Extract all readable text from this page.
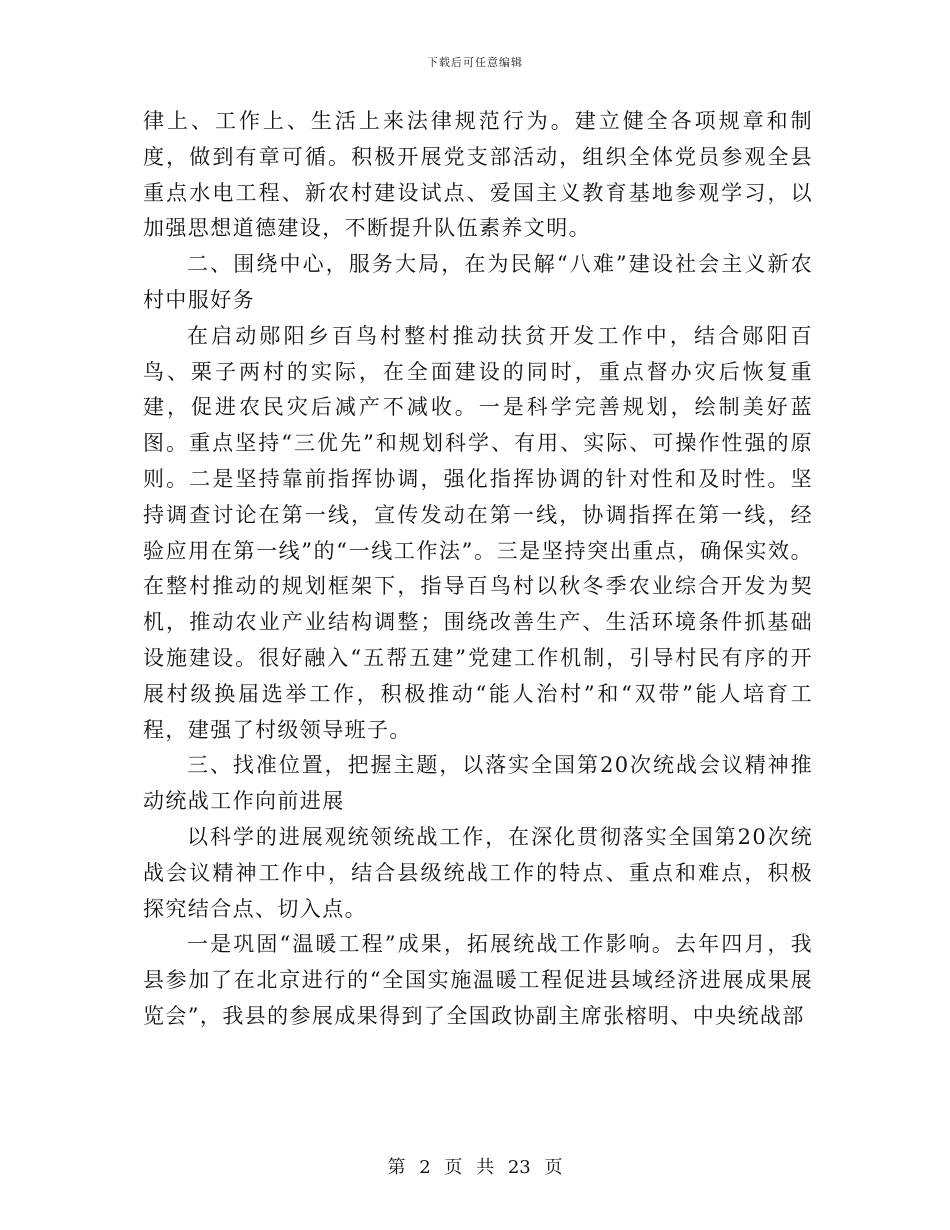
下载后可任意编辑

律上、工作上、生活上来法律规范行为。建立健全各项规章和制度，做到有章可循。积极开展党支部活动，组织全体党员参观全县重点水电工程、新农村建设试点、爱国主义教育基地参观学习，以加强思想道德建设，不断提升队伍素养文明。

二、围绕中心，服务大局，在为民解“八难”建设社会主义新农村中服好务

在启动郧阳乡百鸟村整村推动扶贫开发工作中，结合郧阳百鸟、栗子两村的实际，在全面建设的同时，重点督办灾后恢复重建，促进农民灾后减产不减收。一是科学完善规划，绘制美好蓝图。重点坚持“三优先”和规划科学、有用、实际、可操作性强的原则。二是坚持靠前指挥协调，强化指挥协调的针对性和及时性。坚持调查讨论在第一线，宣传发动在第一线，协调指挥在第一线，经验应用在第一线”的“一线工作法”。三是坚持突出重点，确保实效。在整村推动的规划框架下，指导百鸟村以秋冬季农业综合开发为契机，推动农业产业结构调整；围绕改善生产、生活环境条件抓基础设施建设。很好融入“五帮五建”党建工作机制，引导村民有序的开展村级换届选举工作，积极推动“能人治村”和“双带”能人培育工程，建强了村级领导班子。

三、找准位置，把握主题，以落实全国第20次统战会议精神推动统战工作向前进展

以科学的进展观统领统战工作，在深化贯彻落实全国第20次统战会议精神工作中，结合县级统战工作的特点、重点和难点，积极探究结合点、切入点。

一是巩固“温暖工程”成果，拓展统战工作影响。去年四月，我县参加了在北京进行的“全国实施温暖工程促进县域经济进展成果展览会”，我县的参展成果得到了全国政协副主席张榕明、中央统战部

第 2 页 共 23 页
